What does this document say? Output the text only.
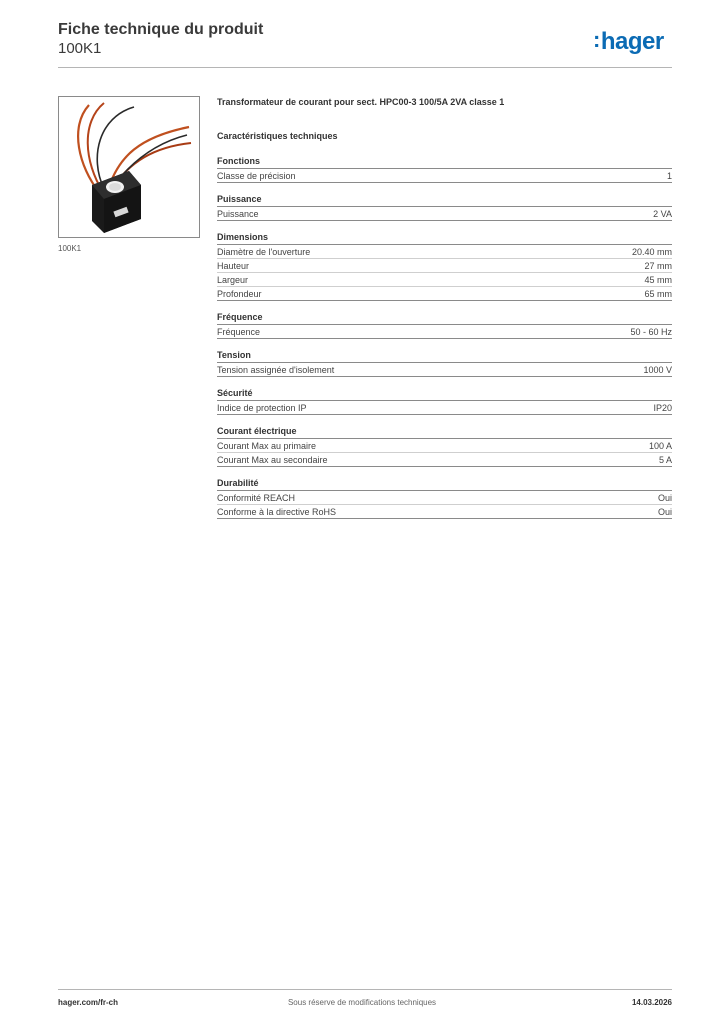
Fiche technique du produit
100K1	:hager
100K1
Transformateur de courant pour sect. HPC00-3 100/5A 2VA classe 1
Caractéristiques techniques
Fonctions
Classe de précision	1
Puissance
Puissance	2 VA
Dimensions
Diamètre de l'ouverture	20.40 mm
Hauteur	27 mm
Largeur	45 mm
Profondeur	65 mm
Fréquence
Fréquence	50 - 60 Hz
Tension
Tension assignée d'isolement	1000 V
Sécurité
Indice de protection IP	IP20
Courant électrique
Courant Max au primaire	100 A
Courant Max au secondaire	5 A
Durabilité
Conformité REACH	Oui
Conforme à la directive RoHS	Oui
hager.com/fr-ch	Sous réserve de modifications techniques	14.03.2026
